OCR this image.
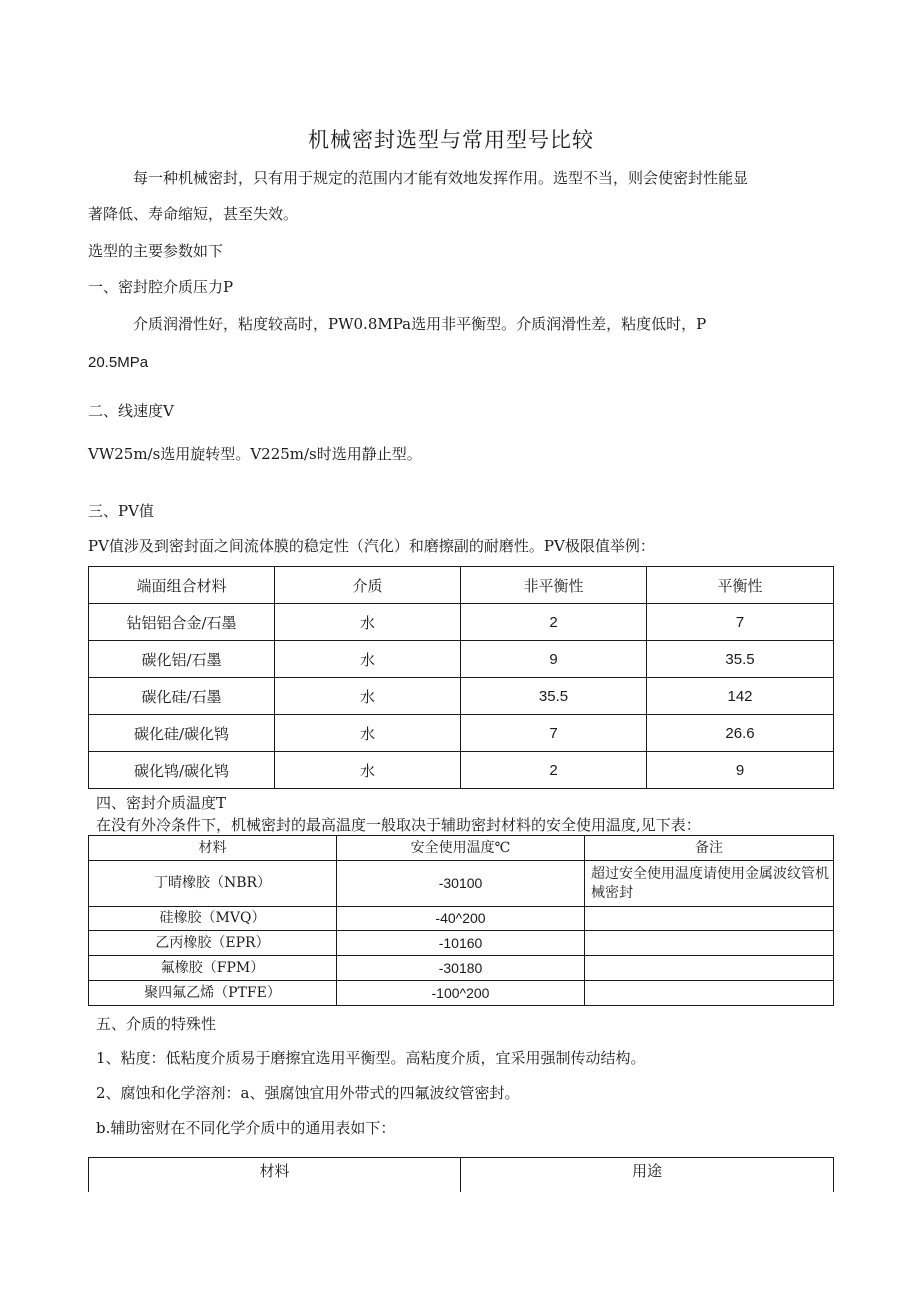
机械密封选型与常用型号比较
每一种机械密封，只有用于规定的范围内才能有效地发挥作用。选型不当，则会使密封性能显
著降低、寿命缩短，甚至失效。
选型的主要参数如下
一、密封腔介质压力P
介质润滑性好，粘度较高时，PW0.8MPa选用非平衡型。介质润滑性差，粘度低时，P
20.5MPa
二、线速度V
VW25m∕s选用旋转型。V225m∕s时选用静止型。
三、PV值
PV值涉及到密封面之间流体膜的稳定性（汽化）和磨擦副的耐磨性。PV极限值举例：
端面组合材料	介质	非平衡性	平衡性
钻铝铝合金/石墨	水	2	7
碳化铝/石墨	水	9	35.5
碳化硅/石墨	水	35.5	142
碳化硅/碳化鸨	水	7	26.6
碳化鸨/碳化鸨	水	2	9
四、密封介质温度T
在没有外冷条件下，机械密封的最高温度一般取决于辅助密封材料的安全使用温度,见下表：
材料	安全使用温度℃	备注
丁晴橡胶（NBR）	-30100	超过安全使用温度请使用金属波纹管机械密封
硅橡胶（MVQ）	-40^200	
乙丙橡胶（EPR）	-10160	
氟橡胶（FPM）	-30180	
聚四氟乙烯（PTFE）	-100^200	
五、介质的特殊性
1、粘度：低粘度介质易于磨擦宜选用平衡型。高粘度介质，宜采用强制传动结构。
2、腐蚀和化学溶剂：a、强腐蚀宜用外带式的四氟波纹管密封。
b.辅助密财在不同化学介质中的通用表如下：
材料	用途
